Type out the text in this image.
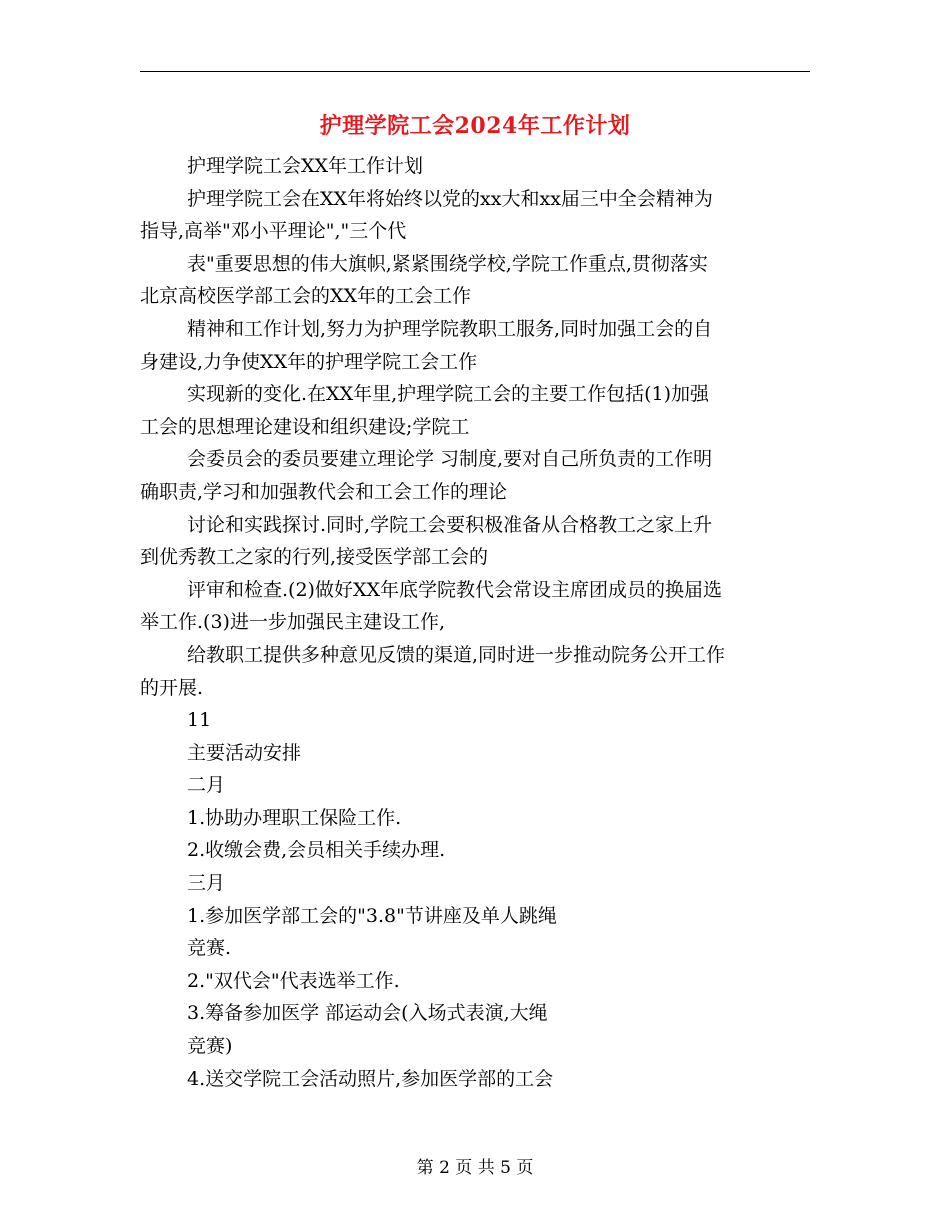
护理学院工会2024年工作计划

护理学院工会XX年工作计划

护理学院工会在XX年将始终以党的xx大和xx届三中全会精神为

指导,高举"邓小平理论","三个代

表"重要思想的伟大旗帜,紧紧围绕学校,学院工作重点,贯彻落实

北京高校医学部工会的XX年的工会工作

精神和工作计划,努力为护理学院教职工服务,同时加强工会的自

身建设,力争使XX年的护理学院工会工作

实现新的变化.在XX年里,护理学院工会的主要工作包括(1)加强

工会的思想理论建设和组织建设;学院工

会委员会的委员要建立理论学 习制度,要对自己所负责的工作明

确职责,学习和加强教代会和工会工作的理论

讨论和实践探讨.同时,学院工会要积极准备从合格教工之家上升

到优秀教工之家的行列,接受医学部工会的

评审和检查.(2)做好XX年底学院教代会常设主席团成员的换届选

举工作.(3)进一步加强民主建设工作,

给教职工提供多种意见反馈的渠道,同时进一步推动院务公开工作

的开展.

11

主要活动安排

二月

1.协助办理职工保险工作.

2.收缴会费,会员相关手续办理.

三月

1.参加医学部工会的"3.8"节讲座及单人跳绳

竞赛.

2."双代会"代表选举工作.

3.筹备参加医学 部运动会(入场式表演,大绳

竞赛)

4.送交学院工会活动照片,参加医学部的工会

第 2 页 共 5 页
